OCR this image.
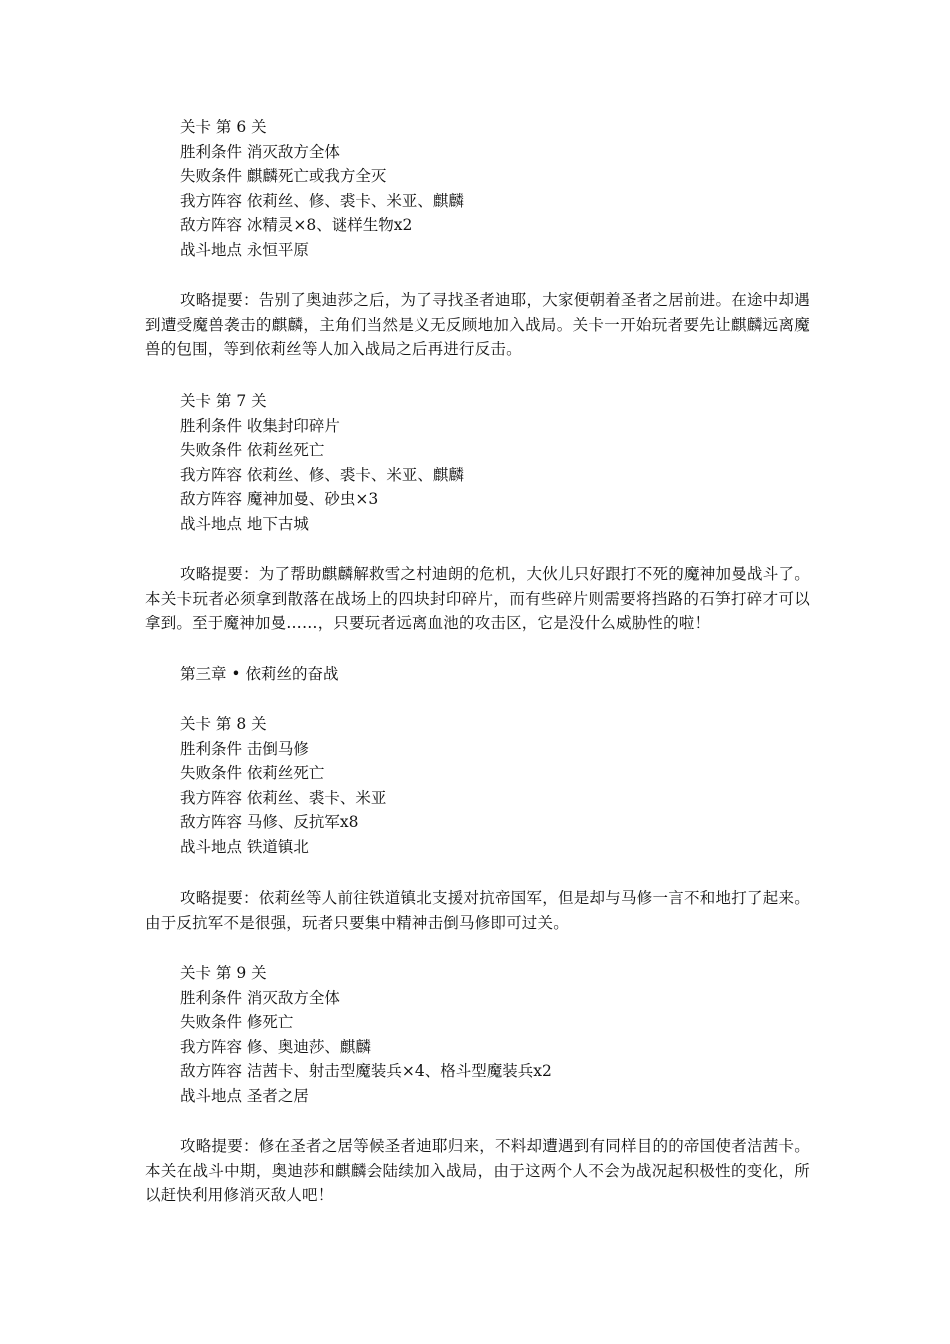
关卡 第 6 关
胜利条件 消灭敌方全体
失败条件 麒麟死亡或我方全灭
我方阵容 依莉丝、修、裘卡、米亚、麒麟
敌方阵容 冰精灵×8、谜样生物x2
战斗地点 永恒平原

攻略提要：告别了奥迪莎之后，为了寻找圣者迪耶，大家便朝着圣者之居前进。在途中却遇到遭受魔兽袭击的麒麟，主角们当然是义无反顾地加入战局。关卡一开始玩者要先让麒麟远离魔兽的包围，等到依莉丝等人加入战局之后再进行反击。

关卡 第 7 关
胜利条件 收集封印碎片
失败条件 依莉丝死亡
我方阵容 依莉丝、修、裘卡、米亚、麒麟
敌方阵容 魔神加曼、砂虫×3
战斗地点 地下古城

攻略提要：为了帮助麒麟解救雪之村迪朗的危机，大伙儿只好跟打不死的魔神加曼战斗了。本关卡玩者必须拿到散落在战场上的四块封印碎片，而有些碎片则需要将挡路的石笋打碎才可以拿到。至于魔神加曼……，只要玩者远离血池的攻击区，它是没什么威胁性的啦！

第三章 • 依莉丝的奋战
关卡 第 8 关
胜利条件 击倒马修
失败条件 依莉丝死亡
我方阵容 依莉丝、裘卡、米亚
敌方阵容 马修、反抗军x8
战斗地点 铁道镇北

攻略提要：依莉丝等人前往铁道镇北支援对抗帝国军，但是却与马修一言不和地打了起来。由于反抗军不是很强，玩者只要集中精神击倒马修即可过关。

关卡 第 9 关
胜利条件 消灭敌方全体
失败条件 修死亡
我方阵容 修、奥迪莎、麒麟
敌方阵容 洁茜卡、射击型魔装兵×4、格斗型魔装兵x2
战斗地点 圣者之居

攻略提要：修在圣者之居等候圣者迪耶归来，不料却遭遇到有同样目的的帝国使者洁茜卡。本关在战斗中期，奥迪莎和麒麟会陆续加入战局，由于这两个人不会为战况起积极性的变化，所以赶快利用修消灭敌人吧！
